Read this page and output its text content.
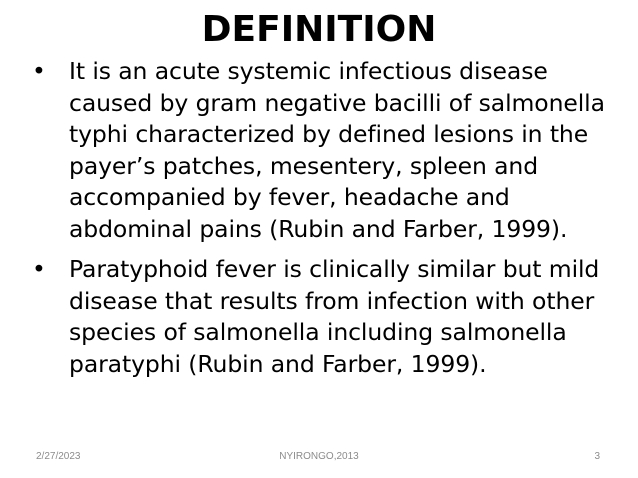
DEFINITION
• It is an acute systemic infectious disease caused by gram negative bacilli of salmonella typhi characterized by defined lesions in the payer’s patches, mesentery, spleen and accompanied by fever, headache and abdominal pains (Rubin and Farber, 1999).
• Paratyphoid fever is clinically similar but mild disease that results from infection with other species of salmonella including salmonella paratyphi (Rubin and Farber, 1999).
2/27/2023	NYIRONGO,2013	3
